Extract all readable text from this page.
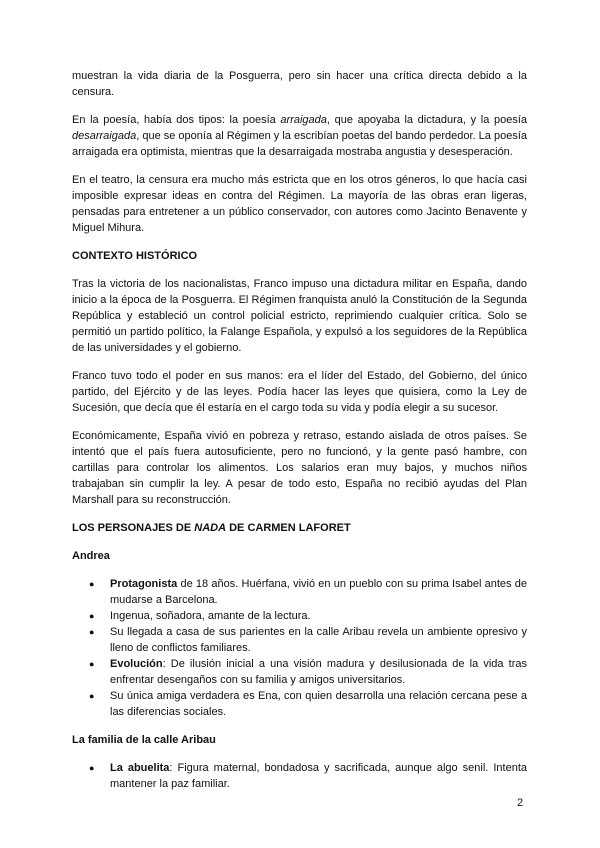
muestran la vida diaria de la Posguerra, pero sin hacer una crítica directa debido a la censura.

En la poesía, había dos tipos: la poesía arraigada, que apoyaba la dictadura, y la poesía desarraigada, que se oponía al Régimen y la escribían poetas del bando perdedor. La poesía arraigada era optimista, mientras que la desarraigada mostraba angustia y desesperación.

En el teatro, la censura era mucho más estricta que en los otros géneros, lo que hacía casi imposible expresar ideas en contra del Régimen. La mayoría de las obras eran ligeras, pensadas para entretener a un público conservador, con autores como Jacinto Benavente y Miguel Mihura.

CONTEXTO HISTÓRICO

Tras la victoria de los nacionalistas, Franco impuso una dictadura militar en España, dando inicio a la época de la Posguerra. El Régimen franquista anuló la Constitución de la Segunda República y estableció un control policial estricto, reprimiendo cualquier crítica. Solo se permitió un partido político, la Falange Española, y expulsó a los seguidores de la República de las universidades y el gobierno.

Franco tuvo todo el poder en sus manos: era el líder del Estado, del Gobierno, del único partido, del Ejército y de las leyes. Podía hacer las leyes que quisiera, como la Ley de Sucesión, que decía que él estaría en el cargo toda su vida y podía elegir a su sucesor.

Económicamente, España vivió en pobreza y retraso, estando aislada de otros países. Se intentó que el país fuera autosuficiente, pero no funcionó, y la gente pasó hambre, con cartillas para controlar los alimentos. Los salarios eran muy bajos, y muchos niños trabajaban sin cumplir la ley. A pesar de todo esto, España no recibió ayudas del Plan Marshall para su reconstrucción.

LOS PERSONAJES DE NADA DE CARMEN LAFORET
Andrea
● Protagonista de 18 años. Huérfana, vivió en un pueblo con su prima Isabel antes de mudarse a Barcelona.
● Ingenua, soñadora, amante de la lectura.
● Su llegada a casa de sus parientes en la calle Aribau revela un ambiente opresivo y lleno de conflictos familiares.
● Evolución: De ilusión inicial a una visión madura y desilusionada de la vida tras enfrentar desengaños con su familia y amigos universitarios.
● Su única amiga verdadera es Ena, con quien desarrolla una relación cercana pese a las diferencias sociales.
La familia de la calle Aribau
● La abuelita: Figura maternal, bondadosa y sacrificada, aunque algo senil. Intenta mantener la paz familiar.
2
